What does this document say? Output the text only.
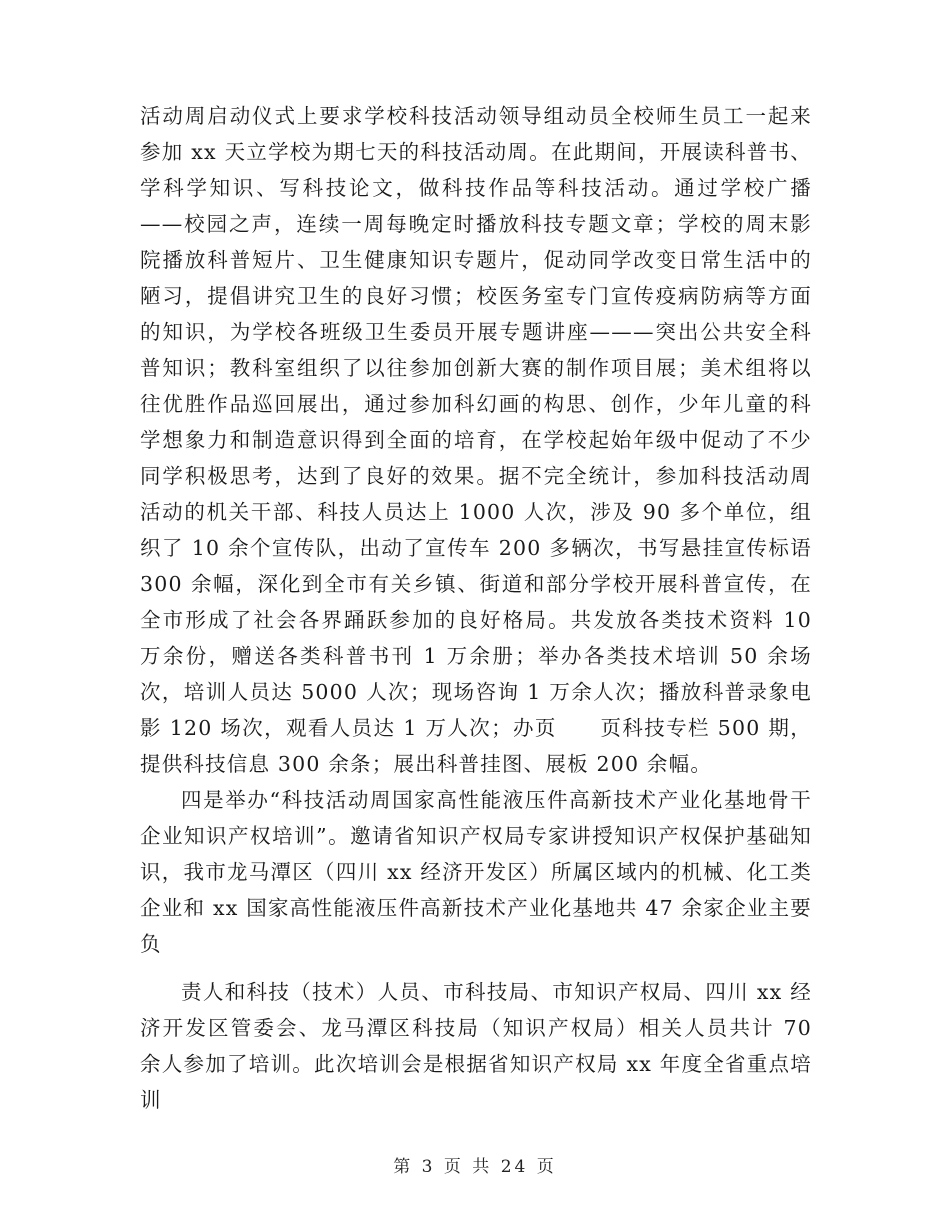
活动周启动仪式上要求学校科技活动领导组动员全校师生员工一起来参加 xx 天立学校为期七天的科技活动周。在此期间，开展读科普书、学科学知识、写科技论文，做科技作品等科技活动。通过学校广播——校园之声，连续一周每晚定时播放科技专题文章；学校的周末影院播放科普短片、卫生健康知识专题片，促动同学改变日常生活中的陋习，提倡讲究卫生的良好习惯；校医务室专门宣传疫病防病等方面的知识，为学校各班级卫生委员开展专题讲座———突出公共安全科普知识；教科室组织了以往参加创新大赛的制作项目展；美术组将以往优胜作品巡回展出，通过参加科幻画的构思、创作，少年儿童的科学想象力和制造意识得到全面的培育，在学校起始年级中促动了不少同学积极思考，达到了良好的效果。据不完全统计，参加科技活动周活动的机关干部、科技人员达上 1000 人次，涉及 90 多个单位，组织了 10 余个宣传队，出动了宣传车 200 多辆次，书写悬挂宣传标语 300 余幅，深化到全市有关乡镇、街道和部分学校开展科普宣传，在全市形成了社会各界踊跃参加的良好格局。共发放各类技术资料 10 万余份，赠送各类科普书刊 1 万余册；举办各类技术培训 50 余场次，培训人员达 5000 人次；现场咨询 1 万余人次；播放科普录象电影 120 场次，观看人员达 1 万人次；办页　　页科技专栏 500 期，提供科技信息 300 余条；展出科普挂图、展板 200 余幅。

四是举办“科技活动周国家高性能液压件高新技术产业化基地骨干企业知识产权培训”。邀请省知识产权局专家讲授知识产权保护基础知识，我市龙马潭区（四川 xx 经济开发区）所属区域内的机械、化工类企业和 xx 国家高性能液压件高新技术产业化基地共 47 余家企业主要负

责人和科技（技术）人员、市科技局、市知识产权局、四川 xx 经济开发区管委会、龙马潭区科技局（知识产权局）相关人员共计 70 余人参加了培训。此次培训会是根据省知识产权局 xx 年度全省重点培训

第 3 页 共 24 页
